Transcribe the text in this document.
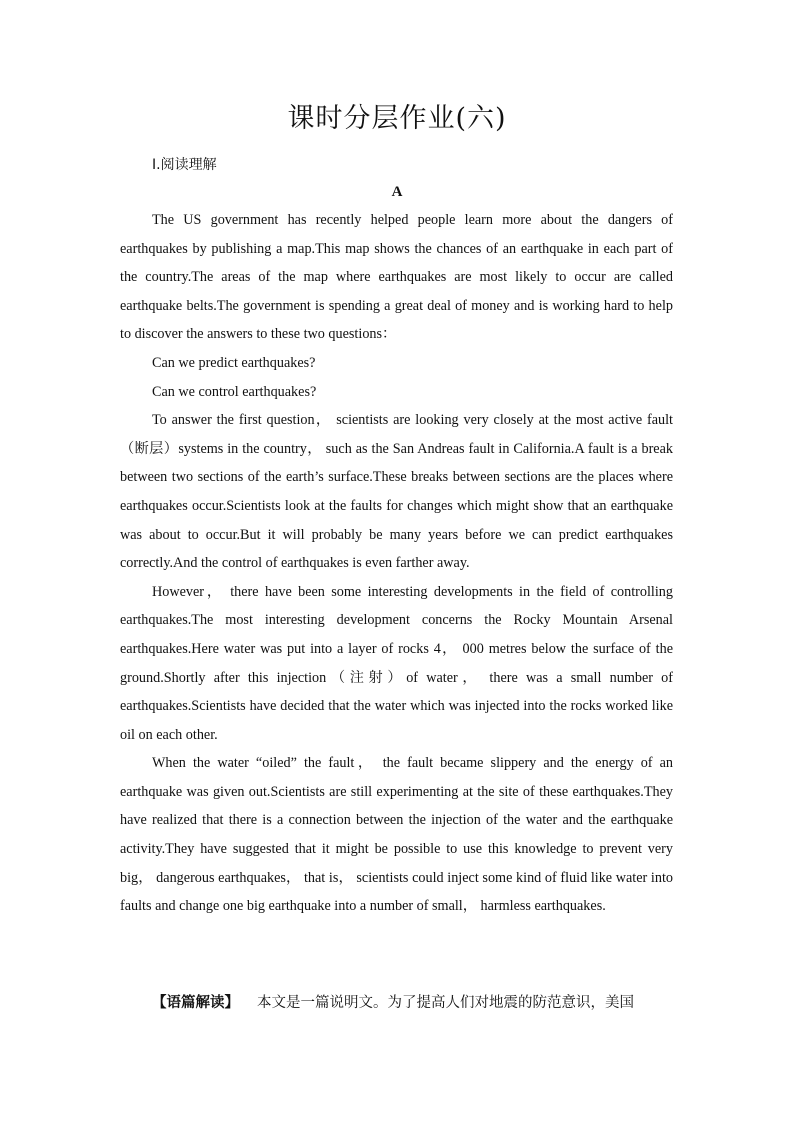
课时分层作业(六)
Ⅰ.阅读理解
A

The US government has recently helped people learn more about the dangers of earthquakes by publishing a map.This map shows the chances of an earthquake in each part of the country.The areas of the map where earthquakes are most likely to occur are called earthquake belts.The government is spending a great deal of money and is working hard to help to discover the answers to these two questions：

Can we predict earthquakes?

Can we control earthquakes?

To answer the first question， scientists are looking very closely at the most active fault（断层）systems in the country， such as the San Andreas fault in California.A fault is a break between two sections of the earth’s surface.These breaks between sections are the places where earthquakes occur.Scientists look at the faults for changes which might show that an earthquake was about to occur.But it will probably be many years before we can predict earthquakes correctly.And the control of earthquakes is even farther away.

However， there have been some interesting developments in the field of controlling earthquakes.The most interesting development concerns the Rocky Mountain Arsenal earthquakes.Here water was put into a layer of rocks 4， 000 metres below the surface of the ground.Shortly after this injection（注射）of water， there was a small number of earthquakes.Scientists have decided that the water which was injected into the rocks worked like oil on each other.

When the water “oiled” the fault， the fault became slippery and the energy of an earthquake was given out.Scientists are still experimenting at the site of these earthquakes.They have realized that there is a connection between the injection of the water and the earthquake activity.They have suggested that it might be possible to use this knowledge to prevent very big， dangerous earthquakes， that is， scientists could inject some kind of fluid like water into faults and change one big earthquake into a number of small， harmless earthquakes.

【语篇解读】 本文是一篇说明文。为了提高人们对地震的防范意识，美国
